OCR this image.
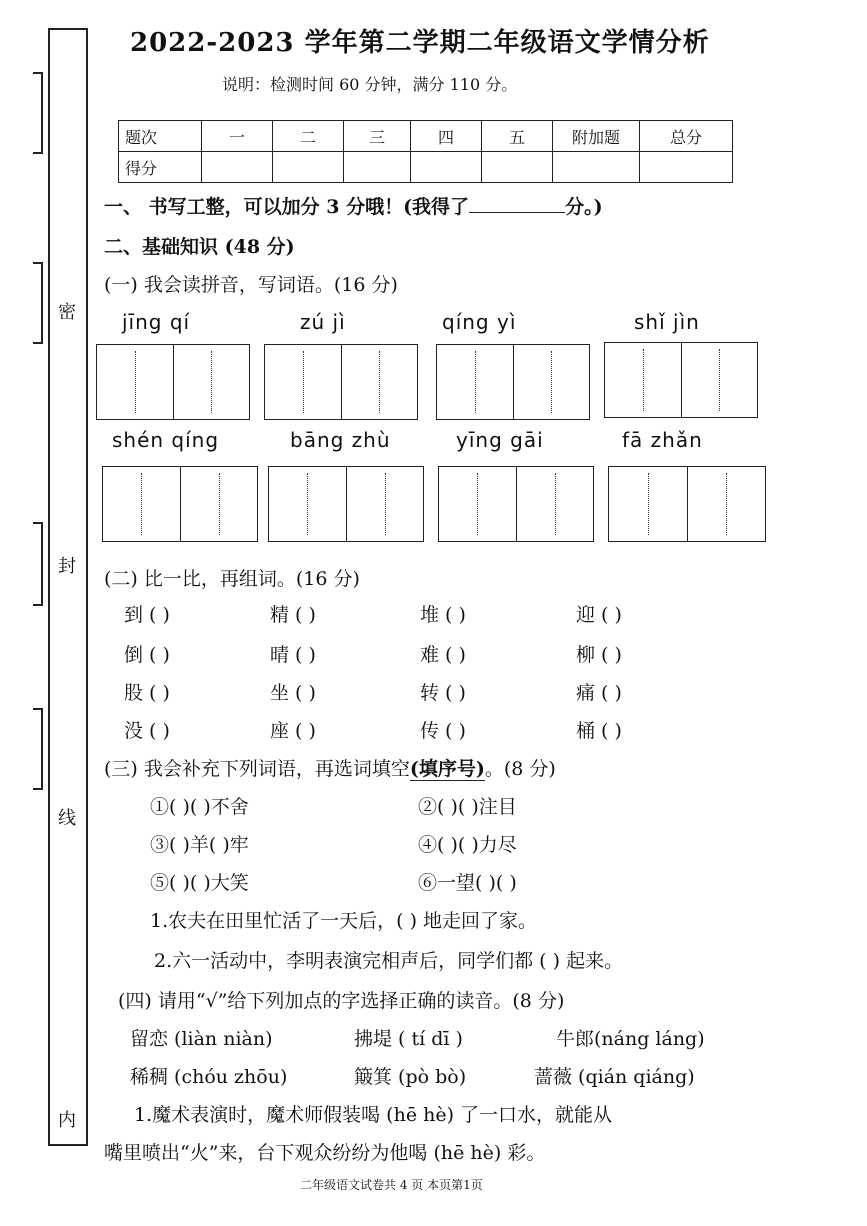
密
封
线
内
2022-2023 学年第二学期二年级语文学情分析
说明：检测时间 60 分钟，满分 110 分。
题次	一	二	三	四	五	附加题	总分
得分							
一、 书写工整，可以加分 3 分哦！(我得了	分。)
二、基础知识 (48 分)
(一) 我会读拼音，写词语。(16 分)
jīng qí	zú jì	qíng yì	shǐ jìn
shén qíng	bāng zhù	yīng gāi	fā zhǎn
(二) 比一比，再组词。(16 分)
到 ( )	精 ( )	堆 ( )	迎 ( )
倒 ( )	晴 ( )	难 ( )	柳 ( )
股 ( )	坐 ( )	转 ( )	痛 ( )
没 ( )	座 ( )	传 ( )	桶 ( )
(三) 我会补充下列词语，再选词填空(填序号)。(8 分)
①( )( )不舍	②( )( )注目
③( )羊( )牢	④( )( )力尽
⑤( )( )大笑	⑥一望( )( )
1.农夫在田里忙活了一天后，( ) 地走回了家。
2.六一活动中，李明表演完相声后，同学们都 ( ) 起来。
(四) 请用“√”给下列加点的字选择正确的读音。(8 分)
留恋 (liàn niàn)	拂堤 ( tí dī )	牛郎(náng láng)
稀稠 (chóu zhōu)	簸箕 (pò bò)	蔷薇 (qián qiáng)
1.魔术表演时，魔术师假装喝 (hē hè) 了一口水，就能从
嘴里喷出“火”来，台下观众纷纷为他喝 (hē hè) 彩。
二年级语文试卷共 4 页 本页第1页
